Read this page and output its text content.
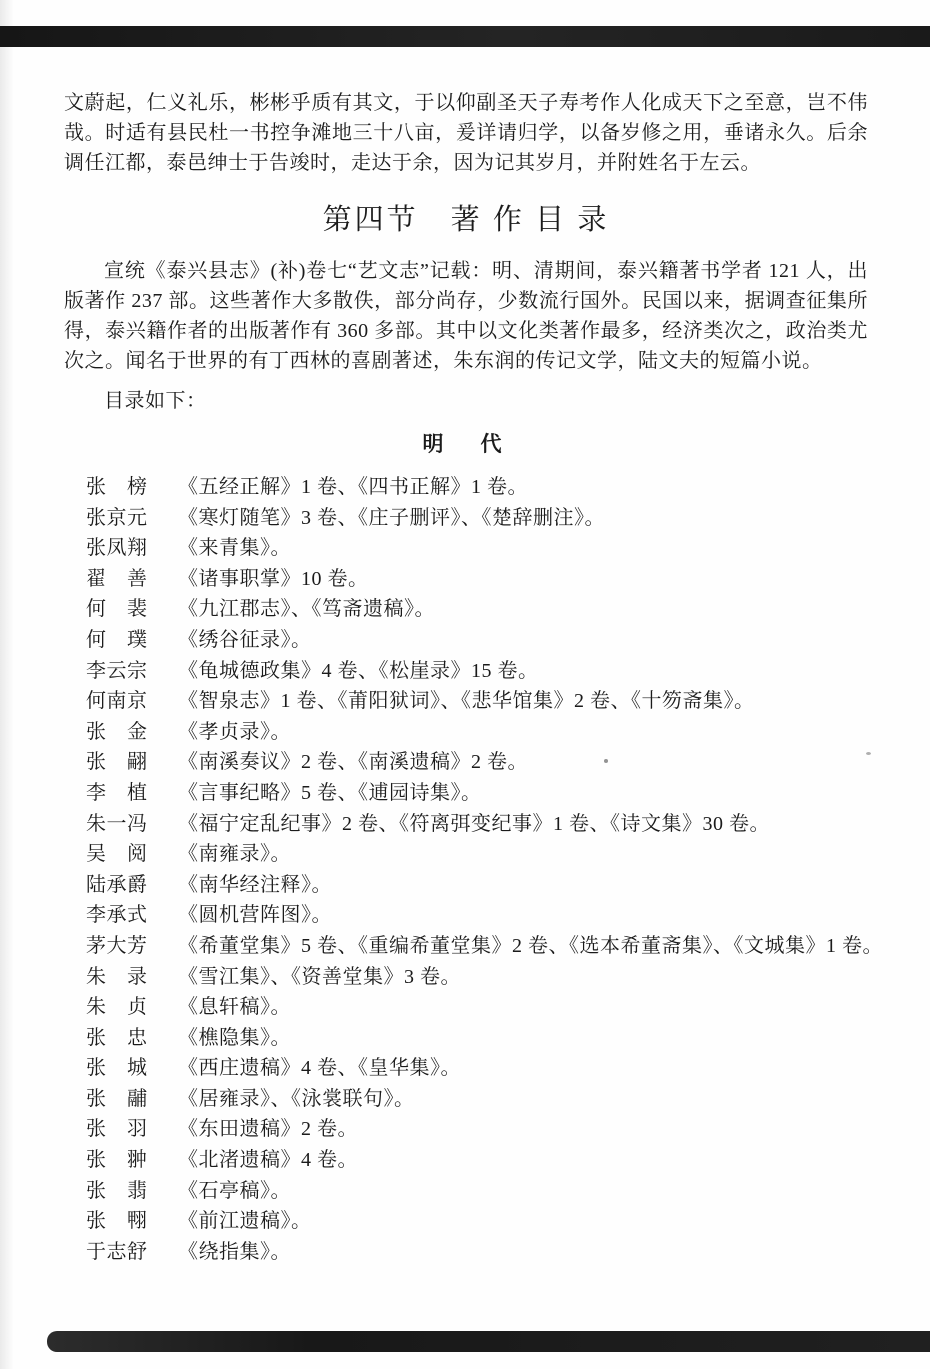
文蔚起，仁义礼乐，彬彬乎质有其文，于以仰副圣天子寿考作人化成天下之至意，岂不伟哉。时适有县民杜一书控争滩地三十八亩，爰详请归学，以备岁修之用，垂诸永久。后余调任江都，泰邑绅士于告竣时，走达于余，因为记其岁月，并附姓名于左云。

第四节　著 作 目 录

宣统《泰兴县志》(补)卷七“艺文志”记载：明、清期间，泰兴籍著书学者 121 人，出版著作 237 部。这些著作大多散佚，部分尚存，少数流行国外。民国以来，据调查征集所得，泰兴籍作者的出版著作有 360 多部。其中以文化类著作最多，经济类次之，政治类尤次之。闻名于世界的有丁西林的喜剧著述，朱东润的传记文学，陆文夫的短篇小说。

目录如下：

明　代
张　榜	《五经正解》1 卷、《四书正解》1 卷。
张京元	《寒灯随笔》3 卷、《庄子删评》、《楚辞删注》。
张凤翔	《来青集》。
翟　善	《诸事职掌》10 卷。
何　裴	《九江郡志》、《笃斋遗稿》。
何　璞	《绣谷征录》。
李云宗	《龟城德政集》4 卷、《松崖录》15 卷。
何南京	《智泉志》1 卷、《莆阳狱词》、《悲华馆集》2 卷、《十笏斋集》。
张　金	《孝贞录》。
张　翤	《南溪奏议》2 卷、《南溪遗稿》2 卷。
李　植	《言事纪略》5 卷、《逋园诗集》。
朱一冯	《福宁定乱纪事》2 卷、《符离弭变纪事》1 卷、《诗文集》30 卷。
吴　阅	《南雍录》。
陆承爵	《南华经注释》。
李承式	《圆机营阵图》。
茅大芳	《希董堂集》5 卷、《重编希董堂集》2 卷、《选本希董斋集》、《文城集》1 卷。
朱　录	《雪江集》、《资善堂集》3 卷。
朱　贞	《息轩稿》。
张　忠	《樵隐集》。
张　城	《西庄遗稿》4 卷、《皇华集》。
张　鬴	《居雍录》、《泳裳联句》。
张　羽	《东田遗稿》2 卷。
张　翀	《北渚遗稿》4 卷。
张　翡	《石亭稿》。
张　翈	《前江遗稿》。
于志舒	《绕指集》。
